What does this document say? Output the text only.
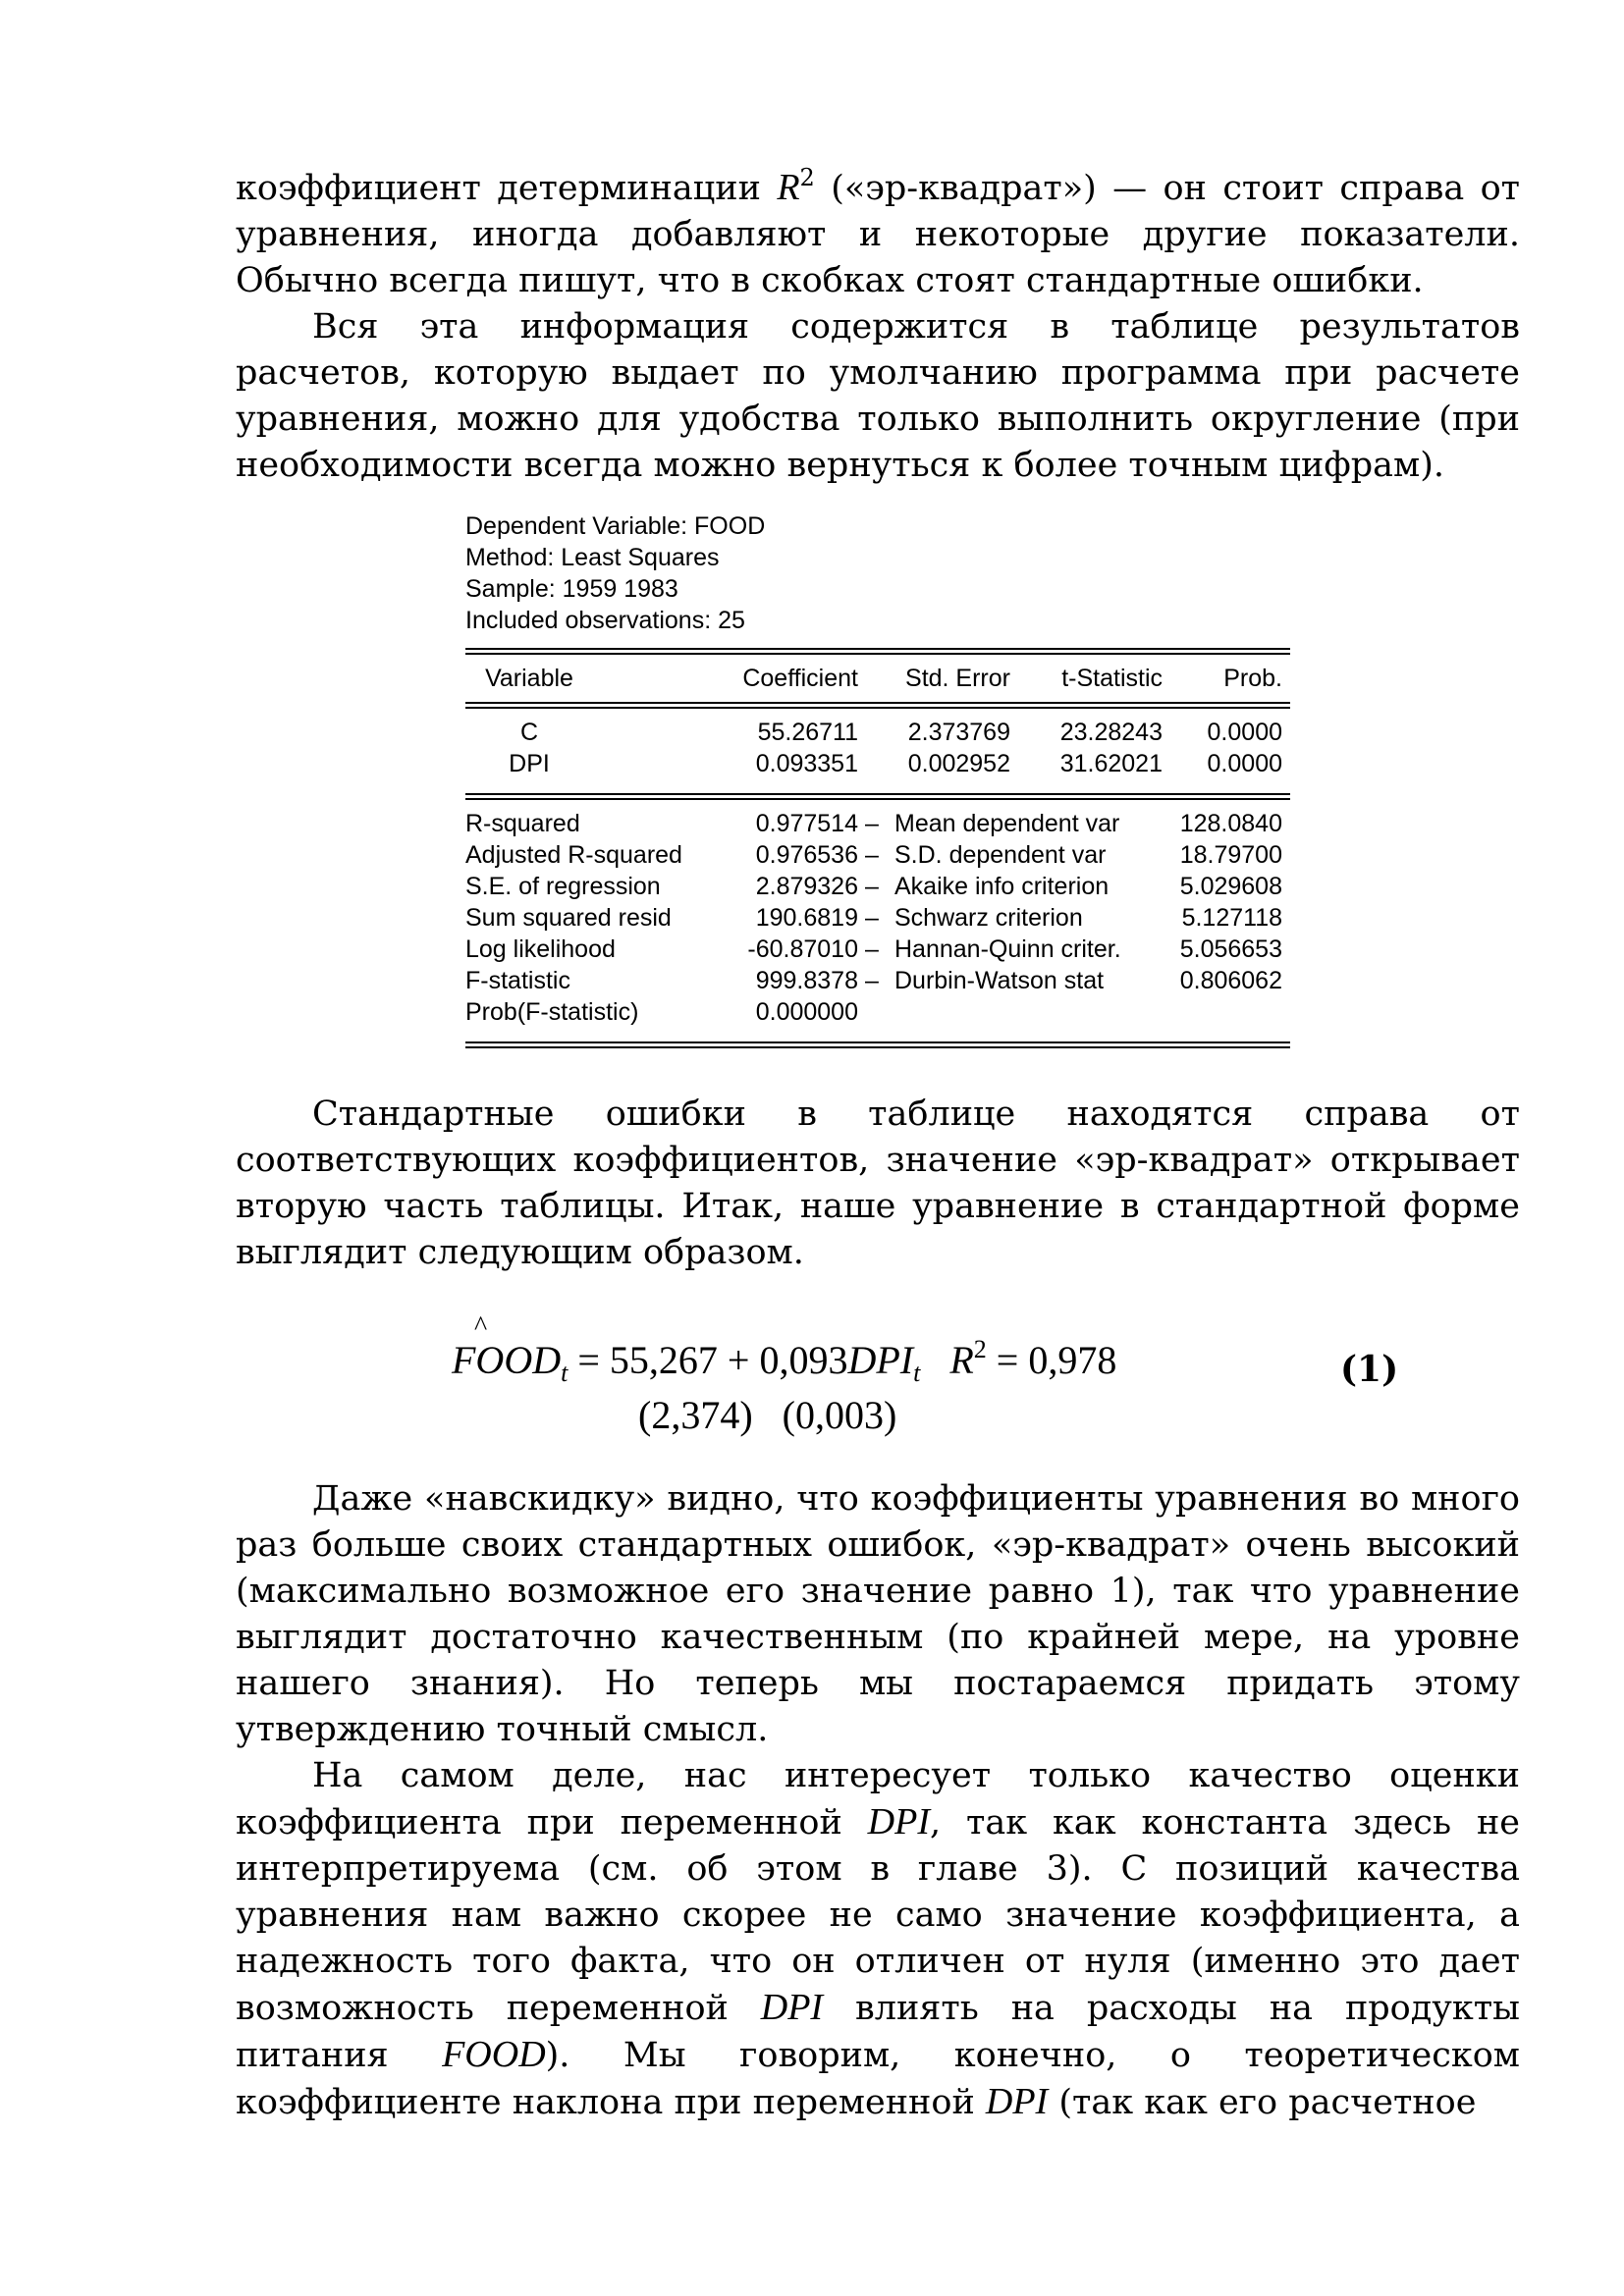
коэффициент детерминации $R^2$ («эр-квадрат») — он стоит справа от уравнения, иногда добавляют и некоторые другие показатели. Обычно всегда пишут, что в скобках стоят стандартные ошибки.

Вся эта информация содержится в таблице результатов расчетов, которую выдает по умолчанию программа при расчете уравнения, можно для удобства только выполнить округление (при необходимости всегда можно вернуться к более точным цифрам).

Dependent Variable: FOOD
Method: Least Squares
Sample: 1959 1983
Included observations: 25
Variable	Coefficient Std. Error t-Statistic Prob.
C	55.26711 2.373769 23.28243 0.0000
DPI	0.093351 0.002952 31.62021 0.0000
R-squared	0.977514 – Mean dependent var 128.0840
Adjusted R-squared	0.976536 – S.D. dependent var	18.79700
S.E. of regression	2.879326 – Akaike info criterion	5.029608
Sum squared resid	190.6819 – Schwarz criterion	5.127118
Log likelihood	-60.87010 – Hannan-Quinn criter. 5.056653
F-statistic	999.8378 – Durbin-Watson stat	0.806062
Prob(F-statistic)	0.000000

Стандартные ошибки в таблице находятся справа от соответствующих коэффициентов, значение «эр-квадрат» открывает вторую часть таблицы. Итак, наше уравнение в стандартной форме выглядит следующим образом.

^
$FOOD_t = 55,267 + 0,093DPI_t$ $R^2 = 0,978$
(2,374)   (0,003)
(1)

Даже «навскидку» видно, что коэффициенты уравнения во много раз больше своих стандартных ошибок, «эр-квадрат» очень высокий (максимально возможное его значение равно 1), так что уравнение выглядит достаточно качественным (по крайней мере, на уровне нашего знания). Но теперь мы постараемся придать этому утверждению точный смысл.

На самом деле, нас интересует только качество оценки коэффициента при переменной DPI, так как константа здесь не интерпретируема (см. об этом в главе 3). С позиций качества уравнения нам важно скорее не само значение коэффициента, а надежность того факта, что он отличен от нуля (именно это дает возможность переменной DPI влиять на расходы на продукты питания FOOD). Мы говорим, конечно, о теоретическом коэффициенте наклона при переменной DPI (так как его расчетное
